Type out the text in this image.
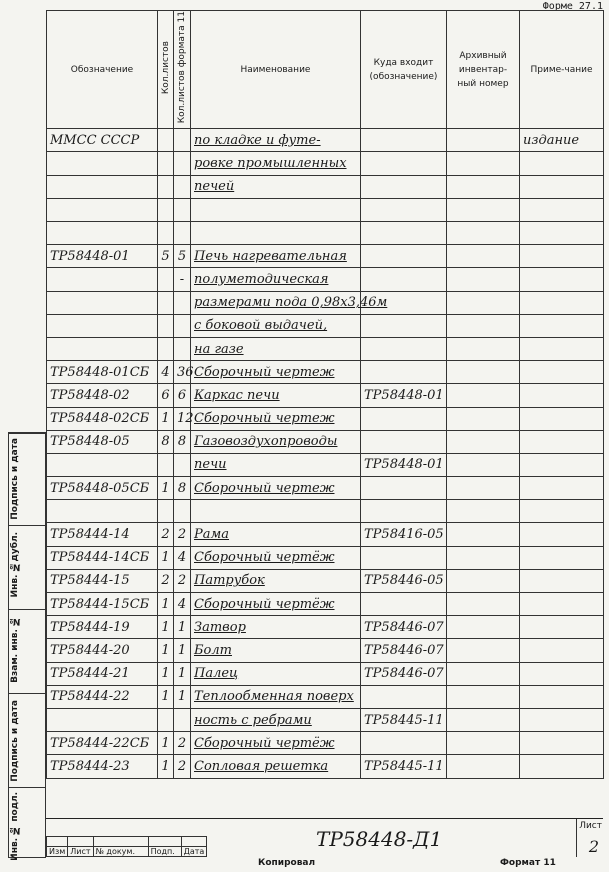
Форме 27.1
Обозначение	Кол.листов	Кол.листов формата 11	Наименование	Куда входит (обозначение)	Архивный инвентар-ный номер	Приме-чание
ММСС СССР			по кладке и футе-			издание
			ровке промышленных			
			печей			

ТР58448-01	5	5	Печь нагревательная			
		-	полуметодическая			
			размерами пода 0,98х3,46м			
			с боковой выдачей,			
			на газе			
ТР58448-01СБ	4	36	Сборочный чертеж			
ТР58448-02	6	6	Каркас печи	ТР58448-01		
ТР58448-02СБ	1	12	Сборочный чертеж			
ТР58448-05	8	8	Газовоздухопроводы			
			печи	ТР58448-01		
ТР58448-05СБ	1	8	Сборочный чертеж			

ТР58444-14	2	2	Рама	ТР58416-05		
ТР58444-14СБ	1	4	Сборочный чертёж			
ТР58444-15	2	2	Патрубок	ТР58446-05		
ТР58444-15СБ	1	4	Сборочный чертёж			
ТР58444-19	1	1	Затвор	ТР58446-07		
ТР58444-20	1	1	Болт	ТР58446-07		
ТР58444-21	1	1	Палец	ТР58446-07		
ТР58444-22	1	1	Теплообменная поверх			
			ность с ребрами	ТР58445-11		
ТР58444-22СБ	1	2	Сборочный чертёж			
ТР58444-23	1	2	Сопловая решетка	ТР58445-11		
Подпись и дата
Инв. №дубл.
Взам. инв. №
Подпись и дата
Инв. № подл.
					Изм	Лист	№ докум.	Подп.	Дата
ТР58448-Д1
Лист
2
Копировал	Формат 11
